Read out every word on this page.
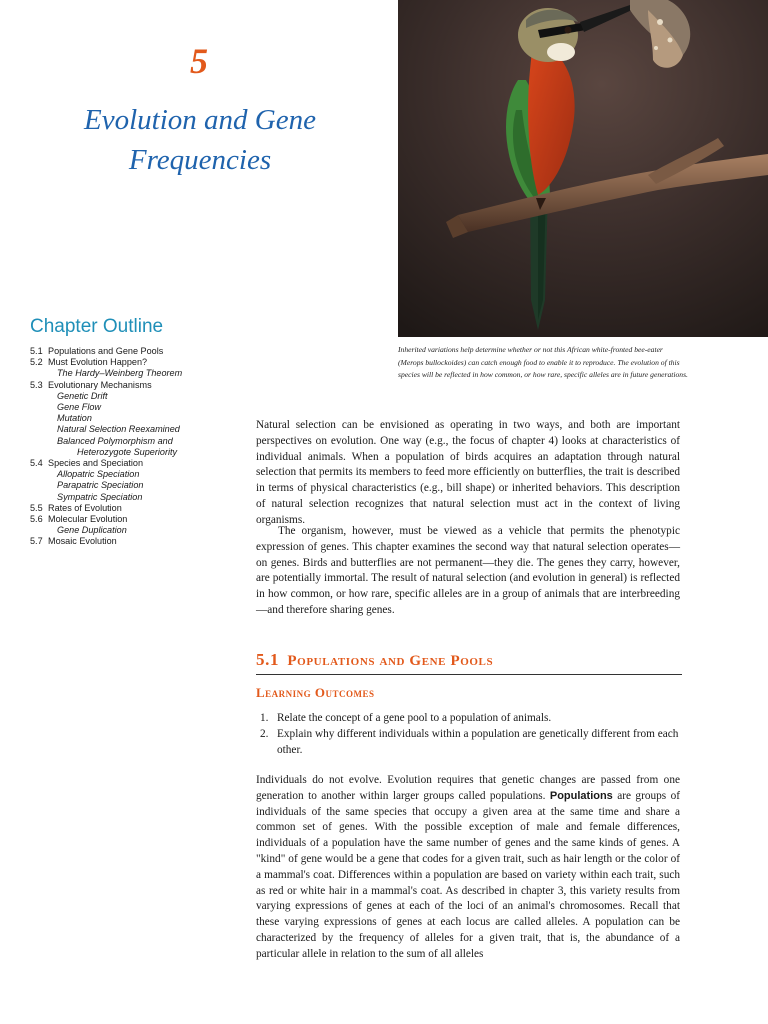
5
Evolution and Gene
Frequencies

Inherited variations help determine whether or not this African white-fronted bee-eater (Merops bullockoides) can catch enough food to enable it to reproduce. The evolution of this species will be reflected in how common, or how rare, specific alleles are in future generations.

Chapter Outline
5.1 Populations and Gene Pools
5.2 Must Evolution Happen?
The Hardy–Weinberg Theorem
5.3 Evolutionary Mechanisms
Genetic Drift
Gene Flow
Mutation
Natural Selection Reexamined
Balanced Polymorphism and
Heterozygote Superiority
5.4 Species and Speciation
Allopatric Speciation
Parapatric Speciation
Sympatric Speciation
5.5 Rates of Evolution
5.6 Molecular Evolution
Gene Duplication
5.7 Mosaic Evolution

Natural selection can be envisioned as operating in two ways, and both are important perspectives on evolution. One way (e.g., the focus of chapter 4) looks at characteristics of individual animals. When a population of birds acquires an adaptation through natural selection that permits its members to feed more efficiently on butterflies, the trait is described in terms of physical characteristics (e.g., bill shape) or inherited behaviors. This description of natural selection recognizes that natural selection must act in the context of living organisms.

The organism, however, must be viewed as a vehicle that permits the phenotypic expression of genes. This chapter examines the second way that natural selection operates—on genes. Birds and butterflies are not permanent—they die. The genes they carry, however, are potentially immortal. The result of natural selection (and evolution in general) is reflected in how common, or how rare, specific alleles are in a group of animals that are interbreeding—and therefore sharing genes.

5.1 Populations and Gene Pools
Learning Outcomes
1. Relate the concept of a gene pool to a population of animals.
2. Explain why different individuals within a population are genetically different from each other.

Individuals do not evolve. Evolution requires that genetic changes are passed from one generation to another within larger groups called populations. Populations are groups of individuals of the same species that occupy a given area at the same time and share a common set of genes. With the possible exception of male and female differences, individuals of a population have the same number of genes and the same kinds of genes. A "kind" of gene would be a gene that codes for a given trait, such as hair length or the color of a mammal's coat. Differences within a population are based on variety within each trait, such as red or white hair in a mammal's coat. As described in chapter 3, this variety results from varying expressions of genes at each of the loci of an animal's chromosomes. Recall that these varying expressions of genes at each locus are called alleles. A population can be characterized by the frequency of alleles for a given trait, that is, the abundance of a particular allele in relation to the sum of all alleles
